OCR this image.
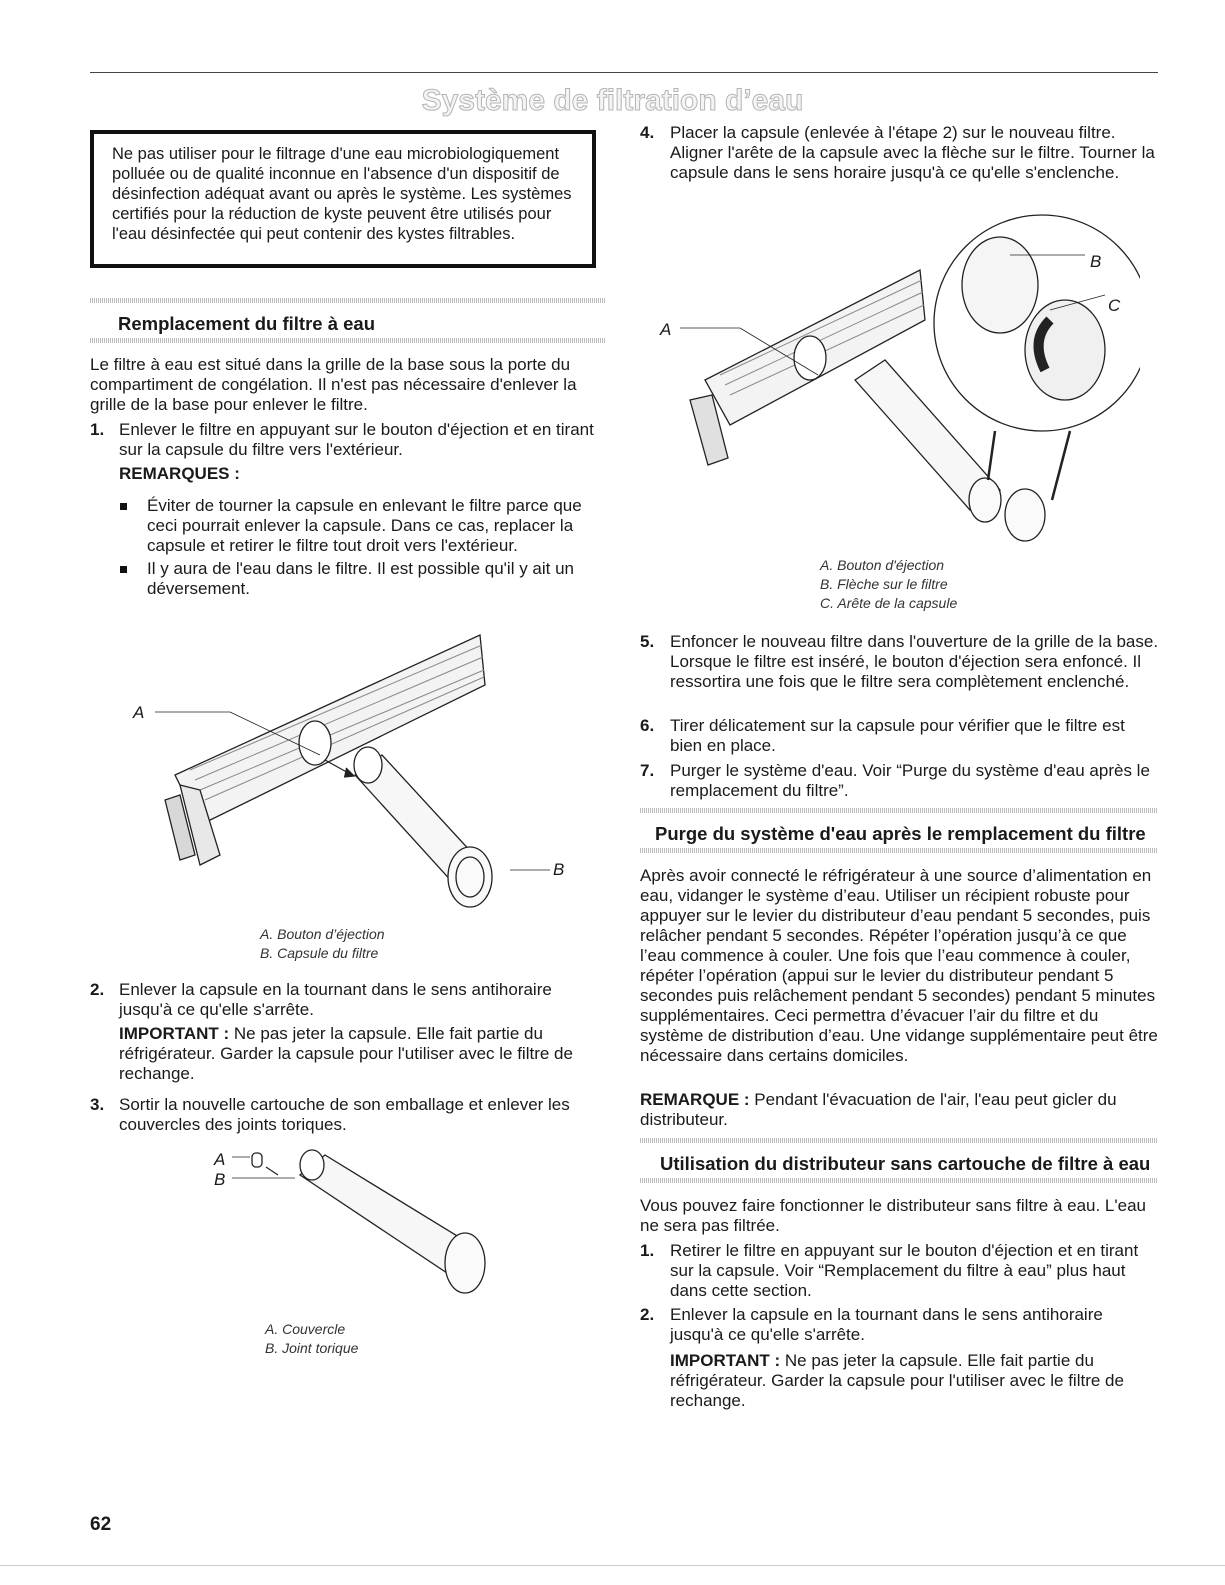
Système de filtration d’eau
Ne pas utiliser pour le filtrage d'une eau microbiologiquement polluée ou de qualité inconnue en l'absence d'un dispositif de désinfection adéquat avant ou après le système. Les systèmes certifiés pour la réduction de kyste peuvent être utilisés pour l'eau désinfectée qui peut contenir des kystes filtrables.
Remplacement du filtre à eau

Le filtre à eau est situé dans la grille de la base sous la porte du compartiment de congélation. Il n'est pas nécessaire d'enlever la grille de la base pour enlever le filtre.

1. Enlever le filtre en appuyant sur le bouton d'éjection et en tirant sur la capsule du filtre vers l'extérieur.

REMARQUES :

Éviter de tourner la capsule en enlevant le filtre parce que ceci pourrait enlever la capsule. Dans ce cas, replacer la capsule et retirer le filtre tout droit vers l'extérieur.

Il y aura de l'eau dans le filtre. Il est possible qu'il y ait un déversement.

A
B
A. Bouton d’éjection
B. Capsule du filtre
2. Enlever la capsule en la tournant dans le sens antihoraire jusqu'à ce qu'elle s'arrête.

IMPORTANT : Ne pas jeter la capsule. Elle fait partie du réfrigérateur. Garder la capsule pour l'utiliser avec le filtre de rechange.

3. Sortir la nouvelle cartouche de son emballage et enlever les couvercles des joints toriques.

A
B
A. Couvercle
B. Joint torique
62
4. Placer la capsule (enlevée à l'étape 2) sur le nouveau filtre. Aligner l'arête de la capsule avec la flèche sur le filtre. Tourner la capsule dans le sens horaire jusqu'à ce qu'elle s'enclenche.

A
B
C
A. Bouton d'éjection
B. Flèche sur le filtre
C. Arête de la capsule
5. Enfoncer le nouveau filtre dans l'ouverture de la grille de la base. Lorsque le filtre est inséré, le bouton d'éjection sera enfoncé. Il ressortira une fois que le filtre sera complètement enclenché.

6. Tirer délicatement sur la capsule pour vérifier que le filtre est bien en place.

7. Purger le système d'eau. Voir “Purge du système d'eau après le remplacement du filtre”.

Purge du système d'eau après le remplacement du filtre

Après avoir connecté le réfrigérateur à une source d’alimentation en eau, vidanger le système d’eau. Utiliser un récipient robuste pour appuyer sur le levier du distributeur d’eau pendant 5 secondes, puis relâcher pendant 5 secondes. Répéter l’opération jusqu’à ce que l’eau commence à couler. Une fois que l’eau commence à couler, répéter l’opération (appui sur le levier du distributeur pendant 5 secondes puis relâchement pendant 5 secondes) pendant 5 minutes supplémentaires. Ceci permettra d’évacuer l’air du filtre et du système de distribution d’eau. Une vidange supplémentaire peut être nécessaire dans certains domiciles.

REMARQUE : Pendant l'évacuation de l'air, l'eau peut gicler du distributeur.

Utilisation du distributeur sans cartouche de filtre à eau

Vous pouvez faire fonctionner le distributeur sans filtre à eau. L'eau ne sera pas filtrée.

1. Retirer le filtre en appuyant sur le bouton d'éjection et en tirant sur la capsule. Voir “Remplacement du filtre à eau” plus haut dans cette section.

2. Enlever la capsule en la tournant dans le sens antihoraire jusqu'à ce qu'elle s'arrête.

IMPORTANT : Ne pas jeter la capsule. Elle fait partie du réfrigérateur. Garder la capsule pour l'utiliser avec le filtre de rechange.
